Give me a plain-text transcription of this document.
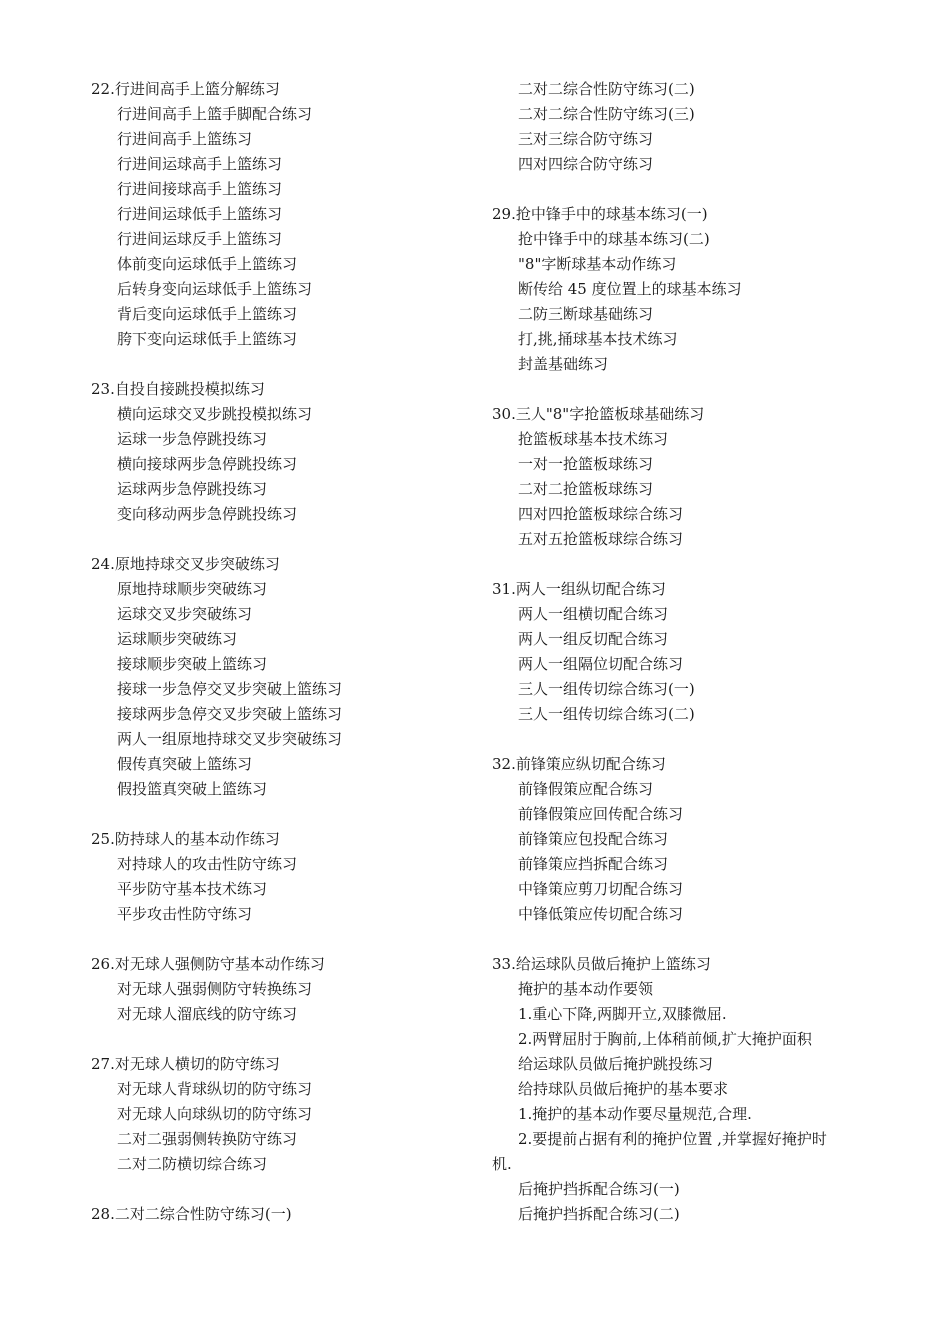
22.行进间高手上篮分解练习
行进间高手上篮手脚配合练习
行进间高手上篮练习
行进间运球高手上篮练习
行进间接球高手上篮练习
行进间运球低手上篮练习
行进间运球反手上篮练习
体前变向运球低手上篮练习
后转身变向运球低手上篮练习
背后变向运球低手上篮练习
胯下变向运球低手上篮练习
23.自投自接跳投模拟练习
横向运球交叉步跳投模拟练习
运球一步急停跳投练习
横向接球两步急停跳投练习
运球两步急停跳投练习
变向移动两步急停跳投练习
24.原地持球交叉步突破练习
原地持球顺步突破练习
运球交叉步突破练习
运球顺步突破练习
接球顺步突破上篮练习
接球一步急停交叉步突破上篮练习
接球两步急停交叉步突破上篮练习
两人一组原地持球交叉步突破练习
假传真突破上篮练习
假投篮真突破上篮练习
25.防持球人的基本动作练习
对持球人的攻击性防守练习
平步防守基本技术练习
平步攻击性防守练习
26.对无球人强侧防守基本动作练习
对无球人强弱侧防守转换练习
对无球人溜底线的防守练习
27.对无球人横切的防守练习
对无球人背球纵切的防守练习
对无球人向球纵切的防守练习
二对二强弱侧转换防守练习
二对二防横切综合练习
28.二对二综合性防守练习(一)
二对二综合性防守练习(二)
二对二综合性防守练习(三)
三对三综合防守练习
四对四综合防守练习
29.抢中锋手中的球基本练习(一)
抢中锋手中的球基本练习(二)
"8"字断球基本动作练习
断传给 45 度位置上的球基本练习
二防三断球基础练习
打,挑,捅球基本技术练习
封盖基础练习
30.三人"8"字抢篮板球基础练习
抢篮板球基本技术练习
一对一抢篮板球练习
二对二抢篮板球练习
四对四抢篮板球综合练习
五对五抢篮板球综合练习
31.两人一组纵切配合练习
两人一组横切配合练习
两人一组反切配合练习
两人一组隔位切配合练习
三人一组传切综合练习(一)
三人一组传切综合练习(二)
32.前锋策应纵切配合练习
前锋假策应配合练习
前锋假策应回传配合练习
前锋策应包投配合练习
前锋策应挡拆配合练习
中锋策应剪刀切配合练习
中锋低策应传切配合练习
33.给运球队员做后掩护上篮练习
掩护的基本动作要领
1.重心下降,两脚开立,双膝微屈.
2.两臂屈肘于胸前,上体稍前倾,扩大掩护面积
给运球队员做后掩护跳投练习
给持球队员做后掩护的基本要求
1.掩护的基本动作要尽量规范,合理.
2.要提前占据有利的掩护位置 ,并掌握好掩护时
机.
后掩护挡拆配合练习(一)
后掩护挡拆配合练习(二)
